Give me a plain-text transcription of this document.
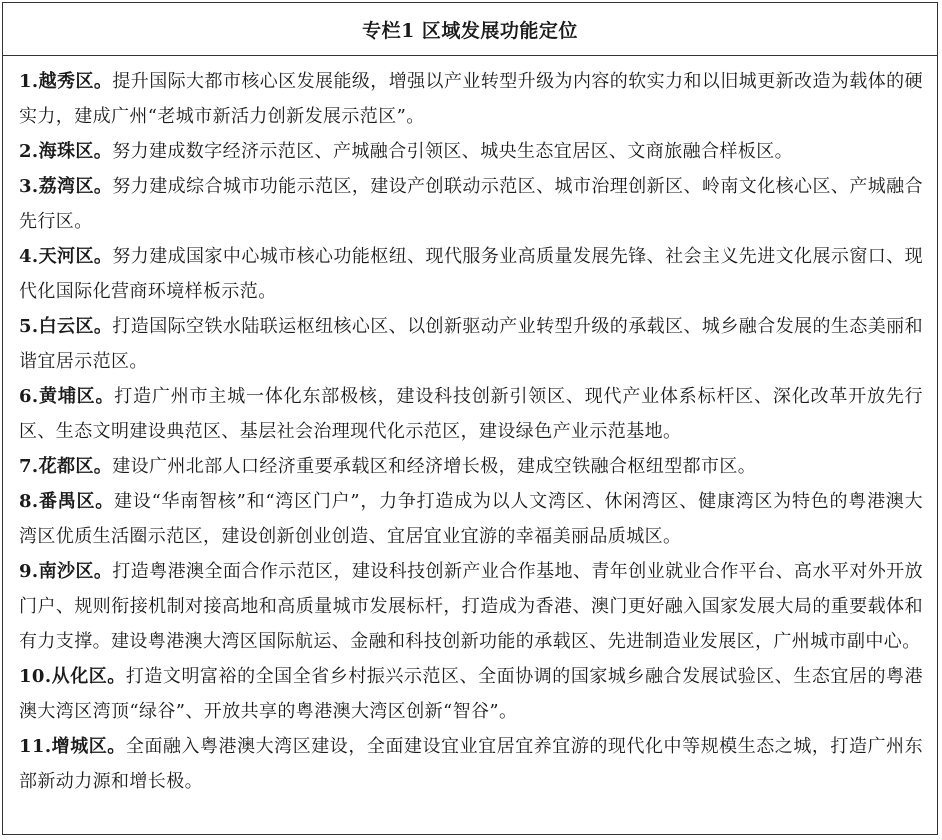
专栏1 区域发展功能定位
1.越秀区。提升国际大都市核心区发展能级，增强以产业转型升级为内容的软实力和以旧城更新改造为载体的硬实力，建成广州“老城市新活力创新发展示范区”。
2.海珠区。努力建成数字经济示范区、产城融合引领区、城央生态宜居区、文商旅融合样板区。
3.荔湾区。努力建成综合城市功能示范区，建设产创联动示范区、城市治理创新区、岭南文化核心区、产城融合先行区。
4.天河区。努力建成国家中心城市核心功能枢纽、现代服务业高质量发展先锋、社会主义先进文化展示窗口、现代化国际化营商环境样板示范。
5.白云区。打造国际空铁水陆联运枢纽核心区、以创新驱动产业转型升级的承载区、城乡融合发展的生态美丽和谐宜居示范区。
6.黄埔区。打造广州市主城一体化东部极核，建设科技创新引领区、现代产业体系标杆区、深化改革开放先行区、生态文明建设典范区、基层社会治理现代化示范区，建设绿色产业示范基地。
7.花都区。建设广州北部人口经济重要承载区和经济增长极，建成空铁融合枢纽型都市区。
8.番禺区。建设“华南智核”和“湾区门户”，力争打造成为以人文湾区、休闲湾区、健康湾区为特色的粤港澳大湾区优质生活圈示范区，建设创新创业创造、宜居宜业宜游的幸福美丽品质城区。
9.南沙区。打造粤港澳全面合作示范区，建设科技创新产业合作基地、青年创业就业合作平台、高水平对外开放门户、规则衔接机制对接高地和高质量城市发展标杆，打造成为香港、澳门更好融入国家发展大局的重要载体和有力支撑。建设粤港澳大湾区国际航运、金融和科技创新功能的承载区、先进制造业发展区，广州城市副中心。
10.从化区。打造文明富裕的全国全省乡村振兴示范区、全面协调的国家城乡融合发展试验区、生态宜居的粤港澳大湾区湾顶“绿谷”、开放共享的粤港澳大湾区创新“智谷”。
11.增城区。全面融入粤港澳大湾区建设，全面建设宜业宜居宜养宜游的现代化中等规模生态之城，打造广州东部新动力源和增长极。
